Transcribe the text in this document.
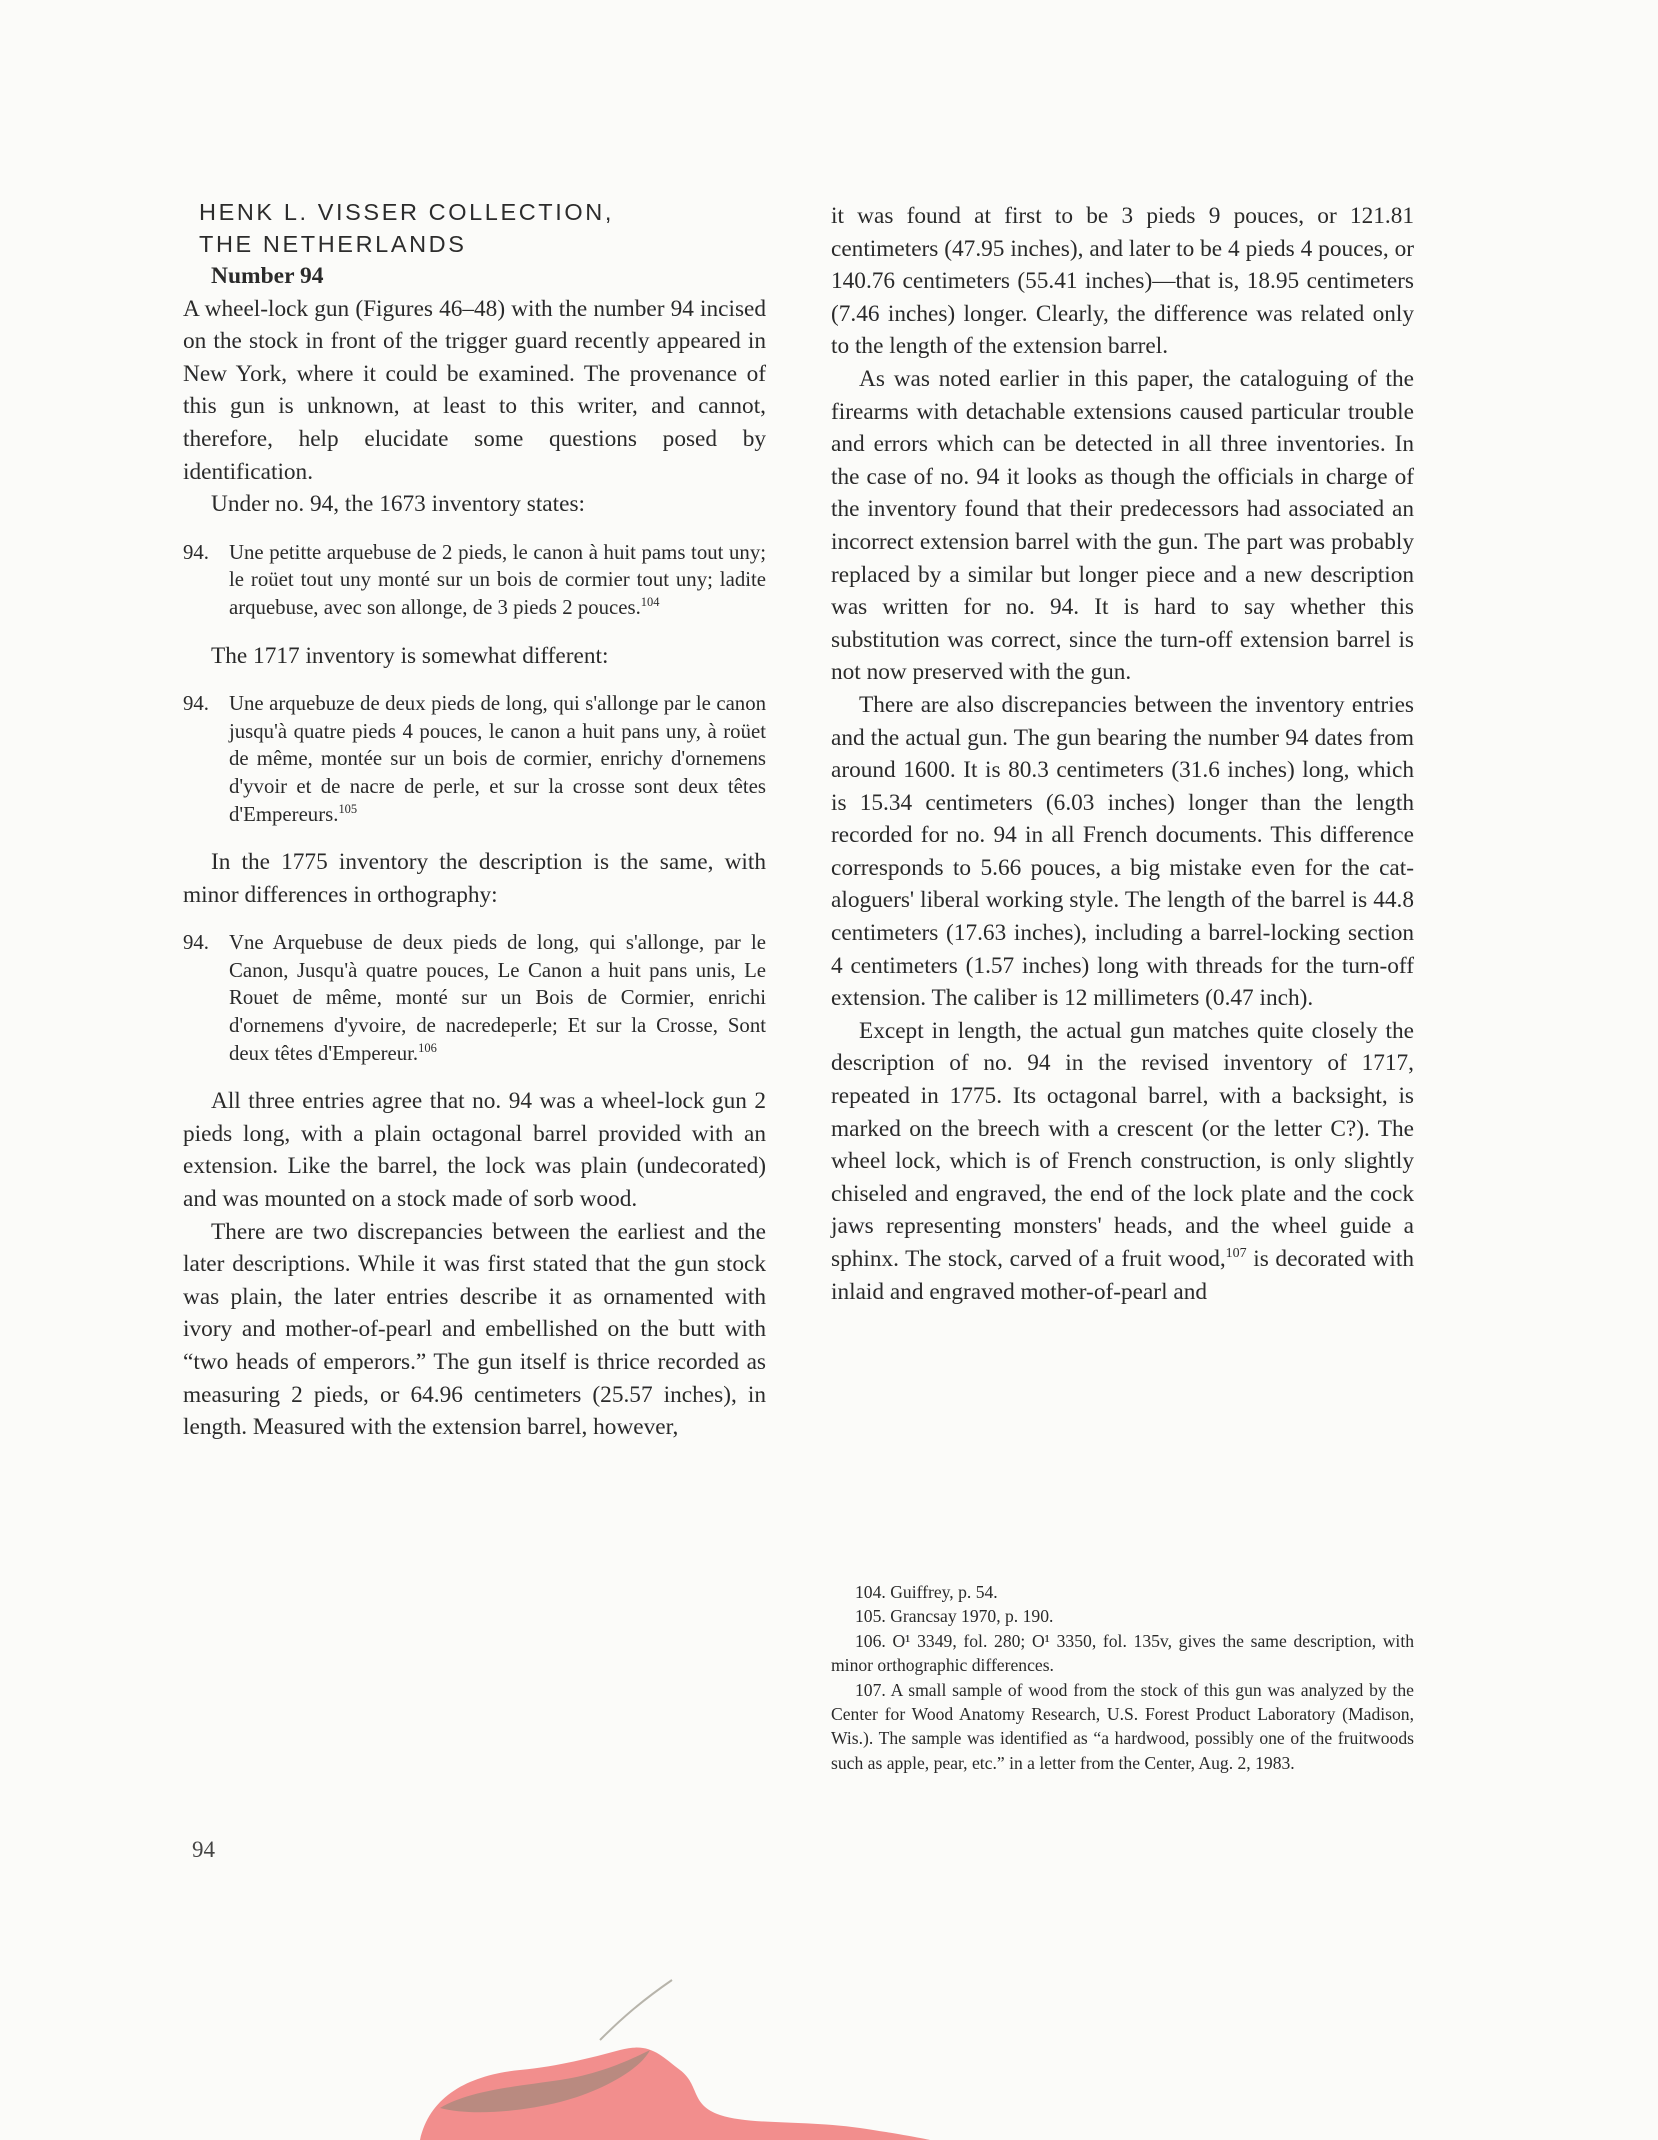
HENK L. VISSER COLLECTION,
THE NETHERLANDS

Number 94

A wheel-lock gun (Figures 46–48) with the number 94 incised on the stock in front of the trigger guard recently appeared in New York, where it could be examined. The provenance of this gun is unknown, at least to this writer, and cannot, therefore, help elucidate some questions posed by identification.

Under no. 94, the 1673 inventory states:

94. Une petitte arquebuse de 2 pieds, le canon à huit pams tout uny; le roüet tout uny monté sur un bois de cormier tout uny; ladite arquebuse, avec son allonge, de 3 pieds 2 pouces.$^{104}$

The 1717 inventory is somewhat different:

94. Une arquebuze de deux pieds de long, qui s'allonge par le canon jusqu'à quatre pieds 4 pouces, le canon a huit pans uny, à roüet de même, montée sur un bois de cormier, enrichy d'ornemens d'yvoir et de nacre de perle, et sur la crosse sont deux têtes d'Empereurs.$^{105}$

In the 1775 inventory the description is the same, with minor differences in orthography:

94. Vne Arquebuse de deux pieds de long, qui s'allonge, par le Canon, Jusqu'à quatre pouces, Le Canon a huit pans unis, Le Rouet de même, monté sur un Bois de Cormier, enrichi d'ornemens d'yvoire, de nacredeperle; Et sur la Crosse, Sont deux têtes d'Empereur.$^{106}$

All three entries agree that no. 94 was a wheel-lock gun 2 pieds long, with a plain octagonal barrel provided with an extension. Like the barrel, the lock was plain (undecorated) and was mounted on a stock made of sorb wood.

There are two discrepancies between the earliest and the later descriptions. While it was first stated that the gun stock was plain, the later entries describe it as ornamented with ivory and mother-of-pearl and embellished on the butt with “two heads of emperors.” The gun itself is thrice recorded as measuring 2 pieds, or 64.96 centimeters (25.57 inches), in length. Measured with the extension barrel, however,

it was found at first to be 3 pieds 9 pouces, or 121.81 centimeters (47.95 inches), and later to be 4 pieds 4 pouces, or 140.76 centimeters (55.41 inches)—that is, 18.95 centimeters (7.46 inches) longer. Clearly, the difference was related only to the length of the extension barrel.

As was noted earlier in this paper, the cataloguing of the firearms with detachable extensions caused particular trouble and errors which can be detected in all three inventories. In the case of no. 94 it looks as though the officials in charge of the inventory found that their predecessors had associated an incorrect extension barrel with the gun. The part was probably replaced by a similar but longer piece and a new description was written for no. 94. It is hard to say whether this substitution was correct, since the turn-off extension barrel is not now preserved with the gun.

There are also discrepancies between the inventory entries and the actual gun. The gun bearing the number 94 dates from around 1600. It is 80.3 centimeters (31.6 inches) long, which is 15.34 centimeters (6.03 inches) longer than the length recorded for no. 94 in all French documents. This difference corresponds to 5.66 pouces, a big mistake even for the cataloguers' liberal working style. The length of the barrel is 44.8 centimeters (17.63 inches), including a barrel-locking section 4 centimeters (1.57 inches) long with threads for the turn-off extension. The caliber is 12 millimeters (0.47 inch).

Except in length, the actual gun matches quite closely the description of no. 94 in the revised inventory of 1717, repeated in 1775. Its octagonal barrel, with a backsight, is marked on the breech with a crescent (or the letter C?). The wheel lock, which is of French construction, is only slightly chiseled and engraved, the end of the lock plate and the cock jaws representing monsters' heads, and the wheel guide a sphinx. The stock, carved of a fruit wood,$^{107}$ is decorated with inlaid and engraved mother-of-pearl and

104. Guiffrey, p. 54.

105. Grancsay 1970, p. 190.

106. O¹ 3349, fol. 280; O¹ 3350, fol. 135v, gives the same description, with minor orthographic differences.

107. A small sample of wood from the stock of this gun was analyzed by the Center for Wood Anatomy Research, U.S. Forest Product Laboratory (Madison, Wis.). The sample was identified as “a hardwood, possibly one of the fruitwoods such as apple, pear, etc.” in a letter from the Center, Aug. 2, 1983.

94
